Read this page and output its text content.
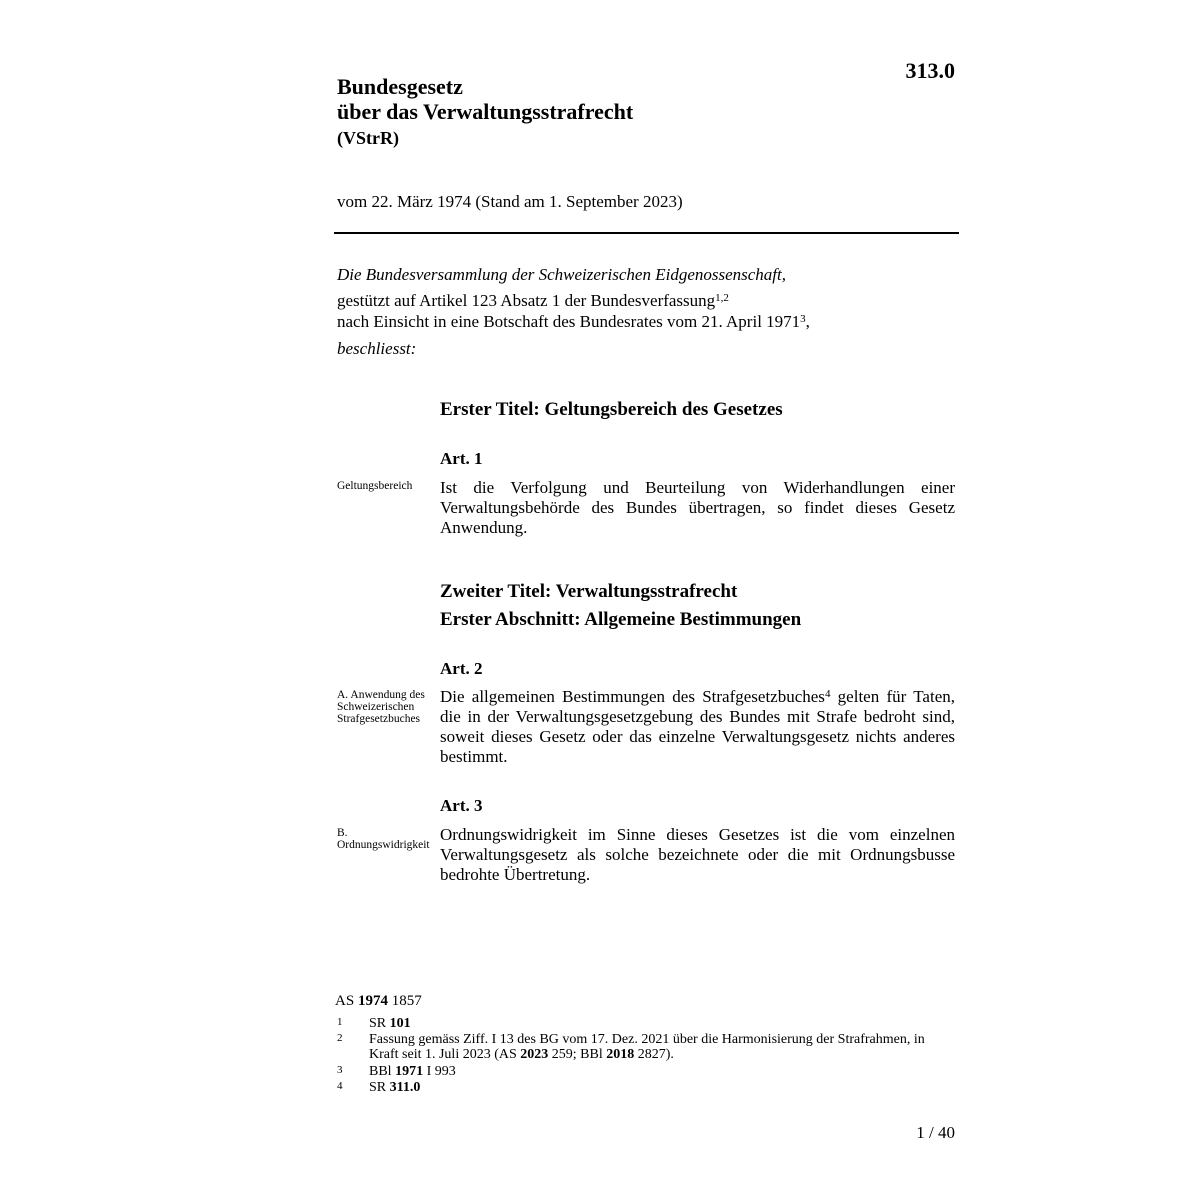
313.0
Bundesgesetz
über das Verwaltungsstrafrecht
(VStrR)
vom 22. März 1974 (Stand am 1. September 2023)
Die Bundesversammlung der Schweizerischen Eidgenossenschaft,
gestützt auf Artikel 123 Absatz 1 der Bundesverfassung$^{1,2}$
nach Einsicht in eine Botschaft des Bundesrates vom 21. April 1971$^3$,
beschliesst:
Erster Titel: Geltungsbereich des Gesetzes
Art. 1
Geltungsbereich	Ist die Verfolgung und Beurteilung von Widerhandlungen einer Verwaltungsbehörde des Bundes übertragen, so findet dieses Gesetz Anwendung.
Zweiter Titel: Verwaltungsstrafrecht
Erster Abschnitt: Allgemeine Bestimmungen
Art. 2
A. Anwendung des Schweizerischen Strafgesetzbuches
Die allgemeinen Bestimmungen des Strafgesetzbuches$^4$ gelten für Taten, die in der Verwaltungsgesetzgebung des Bundes mit Strafe bedroht sind, soweit dieses Gesetz oder das einzelne Verwaltungsgesetz nichts anderes bestimmt.
Art. 3
B. Ordnungswidrigkeit
Ordnungswidrigkeit im Sinne dieses Gesetzes ist die vom einzelnen Verwaltungsgesetz als solche bezeichnete oder die mit Ordnungsbusse bedrohte Übertretung.
AS 1974 1857
1 SR 101
2 Fassung gemäss Ziff. I 13 des BG vom 17. Dez. 2021 über die Harmonisierung der Strafrahmen, in Kraft seit 1. Juli 2023 (AS 2023 259; BBl 2018 2827).
3 BBl 1971 I 993
4 SR 311.0
1 / 40
